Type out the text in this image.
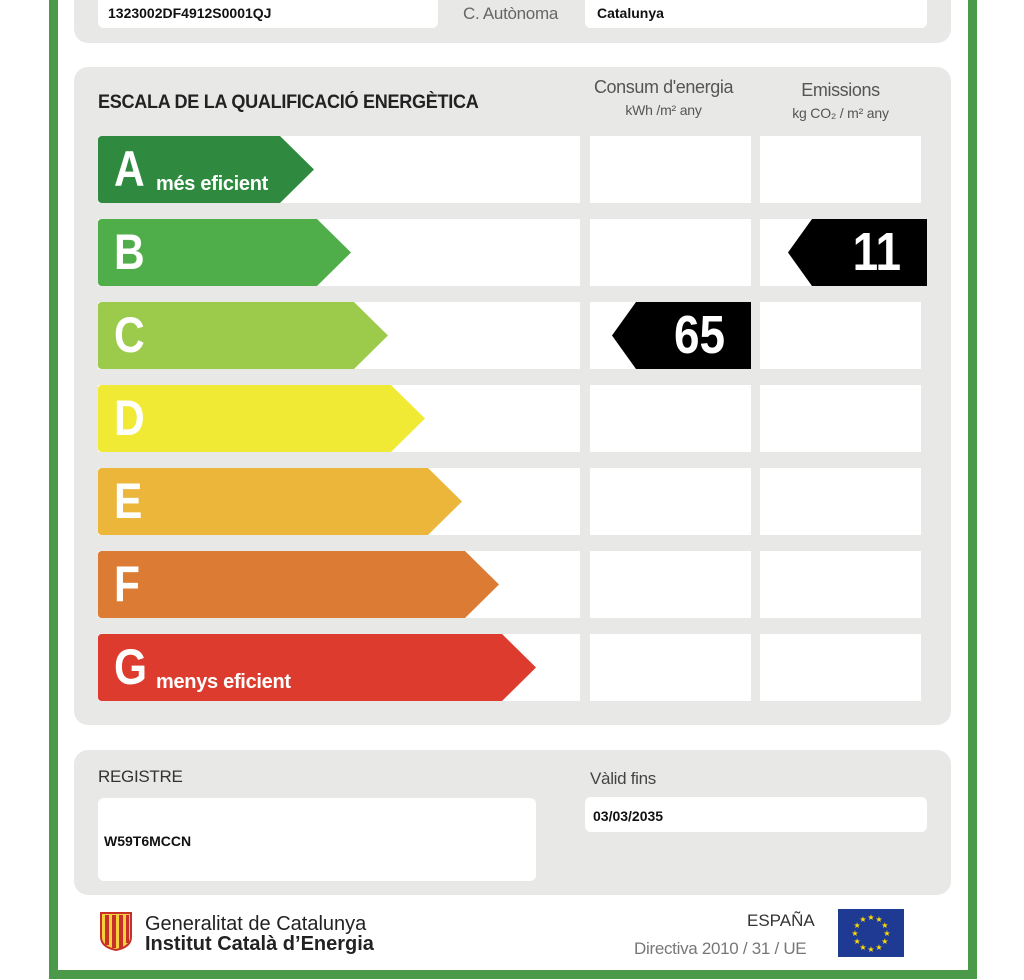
1323002DF4912S0001QJ	C. Autònoma	Catalunya
ESCALA DE LA QUALIFICACIÓ ENERGÈTICA
Consum d'energia
kWh /m² any
Emissions
kg CO₂ / m² any
A més eficient
B
C
D
E
F
G menys eficient
65
11
REGISTRE
W59T6MCCN
Vàlid fins
03/03/2035
Generalitat de Catalunya
Institut Català d’Energia
ESPAÑA
Directiva 2010 / 31 / UE
★
★
★
★
★
★
★
★
★ ★ ★
★
